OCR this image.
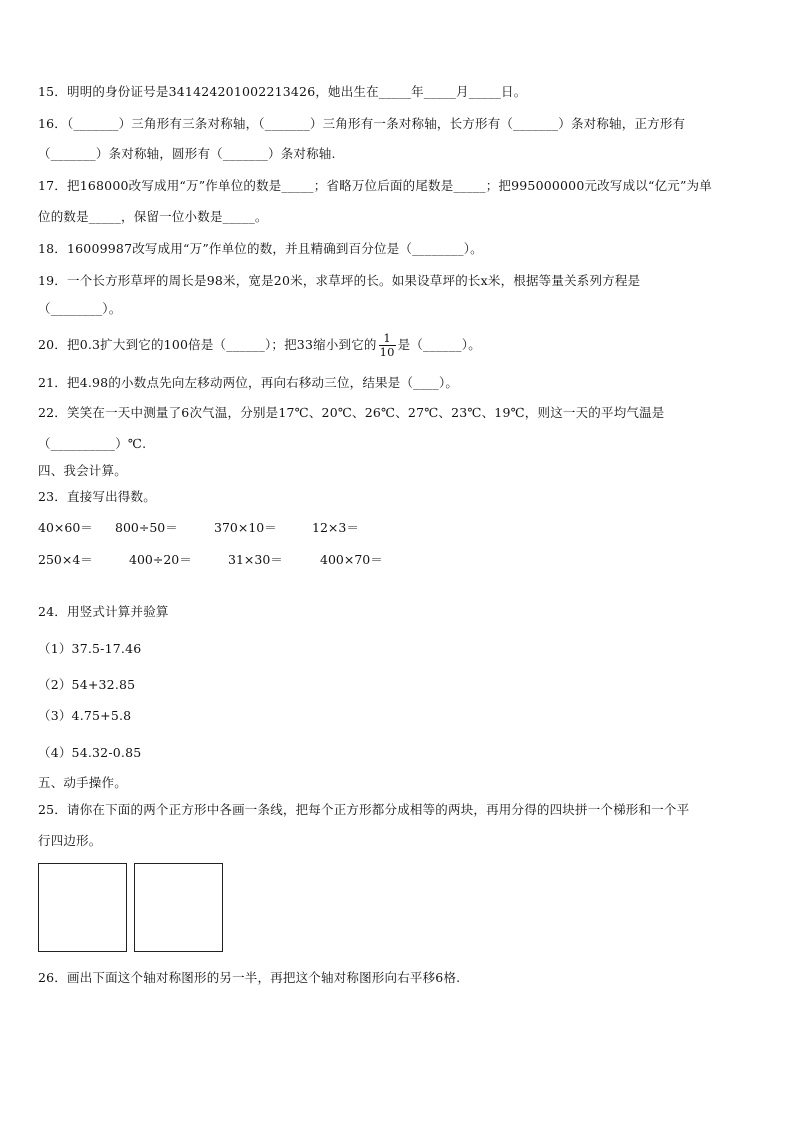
15．明明的身份证号是341424201002213426，她出生在_____年_____月_____日。
16．（_______）三角形有三条对称轴，（_______）三角形有一条对称轴，长方形有（_______）条对称轴，正方形有
（_______）条对称轴，圆形有（_______）条对称轴.
17．把168000改写成用“万”作单位的数是_____；省略万位后面的尾数是_____；把995000000元改写成以“亿元”为单
位的数是_____，保留一位小数是_____。
18．16009987改写成用“万”作单位的数，并且精确到百分位是（________）。
19．一个长方形草坪的周长是98米，宽是20米，求草坪的长。如果设草坪的长x米，根据等量关系列方程是
（________）。
20．把0.3扩大到它的100倍是（______）；把33缩小到它的 $\frac{1}{10}$ 是（______）。
21．把4.98的小数点先向左移动两位，再向右移动三位，结果是（____）。
22．笑笑在一天中测量了6次气温，分别是17℃、20℃、26℃、27℃、23℃、19℃，则这一天的平均气温是
（__________）℃.
四、我会计算。
23．直接写出得数。
40×60＝ 800÷50＝	370×10＝	12×3＝
250×4＝	400÷20＝	31×30＝	400×70＝
24．用竖式计算并验算
（1）37.5-17.46
（2）54+32.85
（3）4.75+5.8
（4）54.32-0.85
五、动手操作。
25．请你在下面的两个正方形中各画一条线，把每个正方形都分成相等的两块，再用分得的四块拼一个梯形和一个平
行四边形。
26．画出下面这个轴对称图形的另一半，再把这个轴对称图形向右平移6格.
